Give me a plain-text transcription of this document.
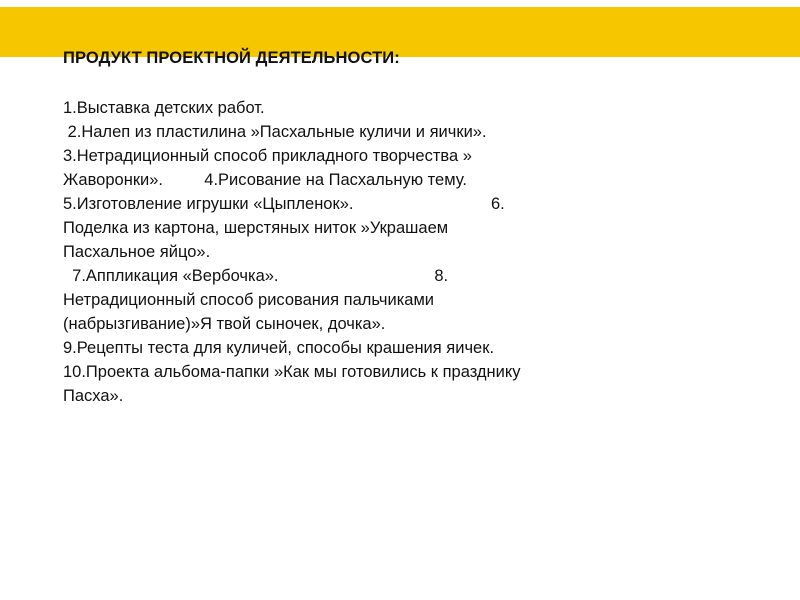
ПРОДУКТ ПРОЕКТНОЙ ДЕЯТЕЛЬНОСТИ:
1.Выставка детских работ.
2.Налеп из пластилина »Пасхальные куличи и яички».
3.Нетрадиционный способ прикладного творчества »
Жаворонки».         4.Рисование на Пасхальную тему.
5.Изготовление игрушки «Цыпленок».                              6.
Поделка из картона, шерстяных ниток »Украшаем
Пасхальное яйцо».
7.Аппликация «Вербочка».                                  8.
Нетрадиционный способ рисования пальчиками
(набрызгивание)»Я твой сыночек, дочка».
9.Рецепты теста для куличей, способы крашения яичек.
10.Проекта альбома-папки »Как мы готовились к празднику
Пасха».
